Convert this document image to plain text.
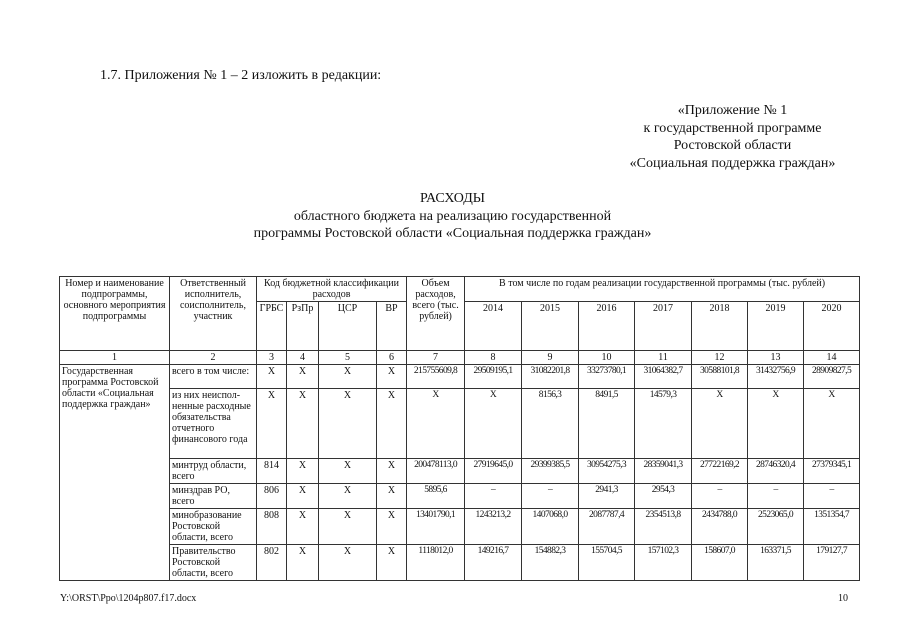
1.7. Приложения № 1 – 2 изложить в редакции:
«Приложение № 1
к государственной программе
Ростовской области
«Социальная поддержка граждан»
РАСХОДЫ
областного бюджета на реализацию государственной
программы Ростовской области «Социальная поддержка граждан»
Номер и наименование подпрограммы, основного мероприятия подпрограммы	Ответственный исполнитель, соисполнитель, участник	Код бюджетной классификации расходов				Объем расходов, всего (тыс. рублей)	В том числе по годам реализации государственной программы (тыс. рублей)						
		ГРБС	РзПр	ЦСР	ВР		2014	2015	2016	2017	2018	2019	2020
1	2	3	4	5	6	7	8	9	10	11	12	13	14
Государственная программа Ростовской области «Социальная поддержка граждан»	всего в том числе:	X	X	X	X	215755609,8	29509195,1	31082201,8	33273780,1	31064382,7	30588101,8	31432756,9	28909827,5
	из них неиспол-ненные расходные обязательства отчетного финансового года	X	X	X	X	X	X	8156,3	8491,5	14579,3	X	X	X
	минтруд области, всего	814	X	X	X	200478113,0	27919645,0	29399385,5	30954275,3	28359041,3	27722169,2	28746320,4	27379345,1
	минздрав РО, всего	806	X	X	X	5895,6	–	–	2941,3	2954,3	–	–	–
	минобразование Ростовской области, всего	808	X	X	X	13401790,1	1243213,2	1407068,0	2087787,4	2354513,8	2434788,0	2523065,0	1351354,7
	Правительство Ростовской области, всего	802	X	X	X	1118012,0	149216,7	154882,3	155704,5	157102,3	158607,0	163371,5	179127,7
Y:\ORST\Ppo\1204p807.f17.docx	10
